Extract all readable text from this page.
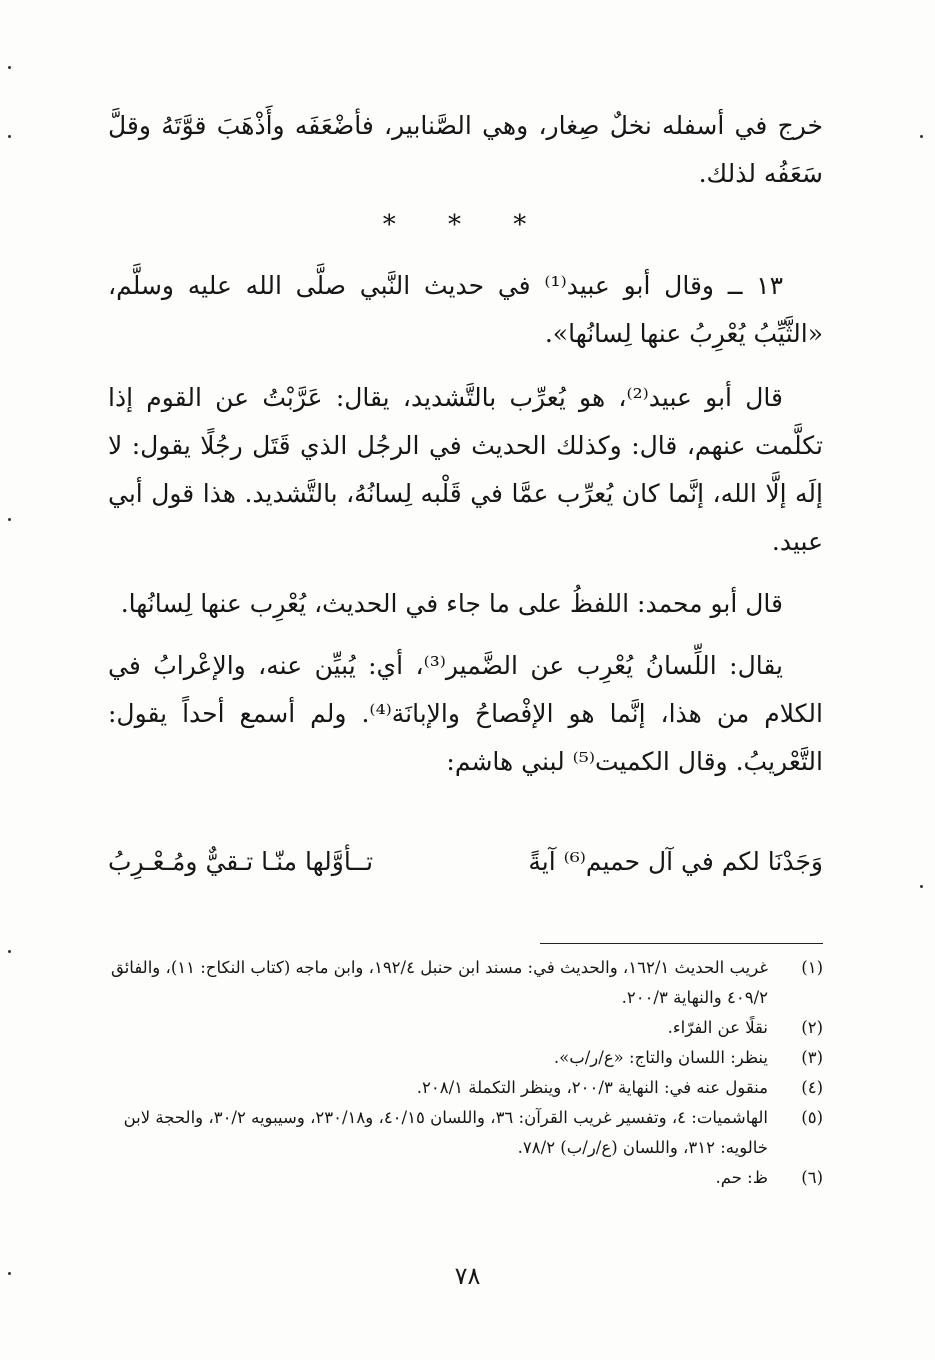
خرج في أسفله نخلٌ صِغار، وهي الصَّنابير، فأضْعَفَه وأَذْهَبَ قوَّتَهُ وقلَّ سَعَفُه لذلك.

* * *

١٣ ــ وقال أبو عبيد⁽¹⁾ في حديث النَّبي صلَّى الله عليه وسلَّم، «الثَّيِّبُ يُعْرِبُ عنها لِسانُها».

قال أبو عبيد⁽²⁾، هو يُعرِّب بالتَّشديد، يقال: عَرَّبْتُ عن القوم إذا تكلَّمت عنهم، قال: وكذلك الحديث في الرجُل الذي قَتَل رجُلًا يقول: لا إلَه إلَّا الله، إنَّما كان يُعرِّب عمَّا في قَلْبه لِسانُهُ، بالتَّشديد. هذا قول أبي عبيد.

قال أبو محمد: اللفظُ على ما جاء في الحديث، يُعْرِب عنها لِسانُها.

يقال: اللِّسانُ يُعْرِب عن الضَّمير⁽³⁾، أي: يُبيِّن عنه، والإعْرابُ في الكلام من هذا، إنَّما هو الإفْصاحُ والإبانَة⁽⁴⁾. ولم أسمع أحداً يقول: التَّعْريبُ. وقال الكميت⁽⁵⁾ لبني هاشم:

وَجَدْنَا لكم في آل حميم⁽⁶⁾ آيةً
تــأوَّلها منّـا تـقيٌّ ومُـعْـرِبُ
(١)
غريب الحديث ١٦٢/١، والحديث في: مسند ابن حنبل ١٩٢/٤، وابن ماجه (كتاب النكاح: ١١)، والفائق ٤٠٩/٢ والنهاية ٢٠٠/٣.
(٢)
نقلًا عن الفرّاء.
(٣)
ينظر: اللسان والتاج: «ع/ر/ب».
(٤)
منقول عنه في: النهاية ٢٠٠/٣، وينظر التكملة ٢٠٨/١.
(٥)
الهاشميات: ٤، وتفسير غريب القرآن: ٣٦، واللسان ٤٠/١٥، و٢٣٠/١٨، وسيبويه ٣٠/٢، والحجة لابن خالويه: ٣١٢، واللسان (ع/ر/ب) ٧٨/٢.
(٦)
ظ: حم.
٧٨
